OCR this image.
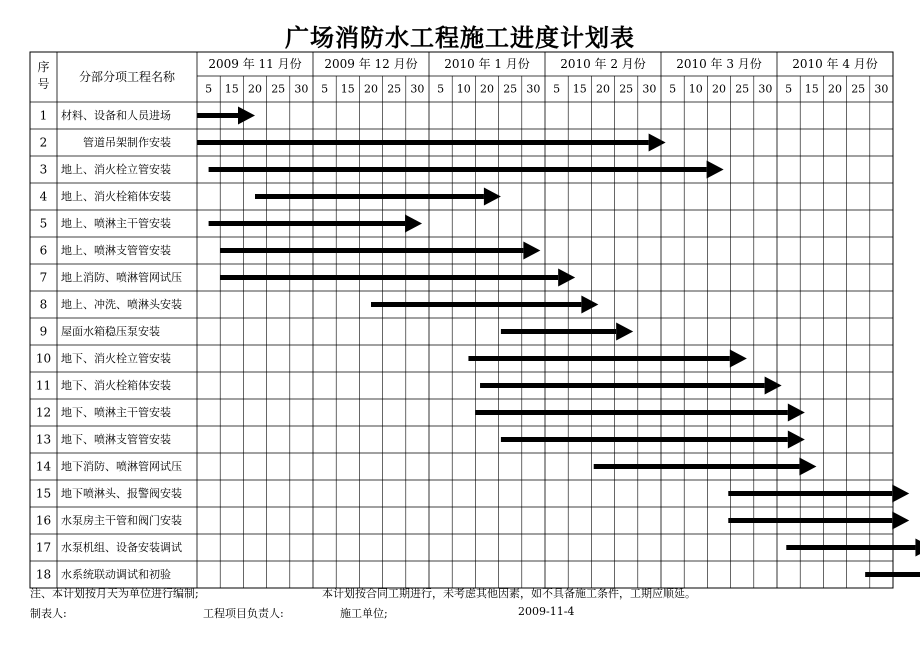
广场消防水工程施工进度计划表
序
号 分部分项工程名称
2009 年 11 月份
5 15 20 25 30
2009 年 12 月份
5 15 20 25 30
2010 年 1 月份
5 10 20 25 30
2010 年 2 月份
5 15 20 25 30
2010 年 3 月份
5 10 20 25 30
2010 年 4 月份
5 15 20 25 30
1 材料、设备和人员进场
2	管道吊架制作安装
3 地上、消火栓立管安装
4 地上、消火栓箱体安装
5 地上、喷淋主干管安装
6 地上、喷淋支管管安装
7 地上消防、喷淋管网试压
8 地上、冲洗、喷淋头安装
9 屋面水箱稳压泵安装
10 地下、消火栓立管安装
11 地下、消火栓箱体安装
12 地下、喷淋主干管安装
13 地下、喷淋支管管安装
14 地下消防、喷淋管网试压
15 地下喷淋头、报警阀安装
16 水泵房主干管和阀门安装
17 水泵机组、设备安装调试
18 水系统联动调试和初验
注、本计划按月天为单位进行编制;	本计划按合同工期进行，未考虑其他因素，如不具备施工条件，工期应顺延。
制表人:	工程项目负责人:	施工单位;	2009-11-4
